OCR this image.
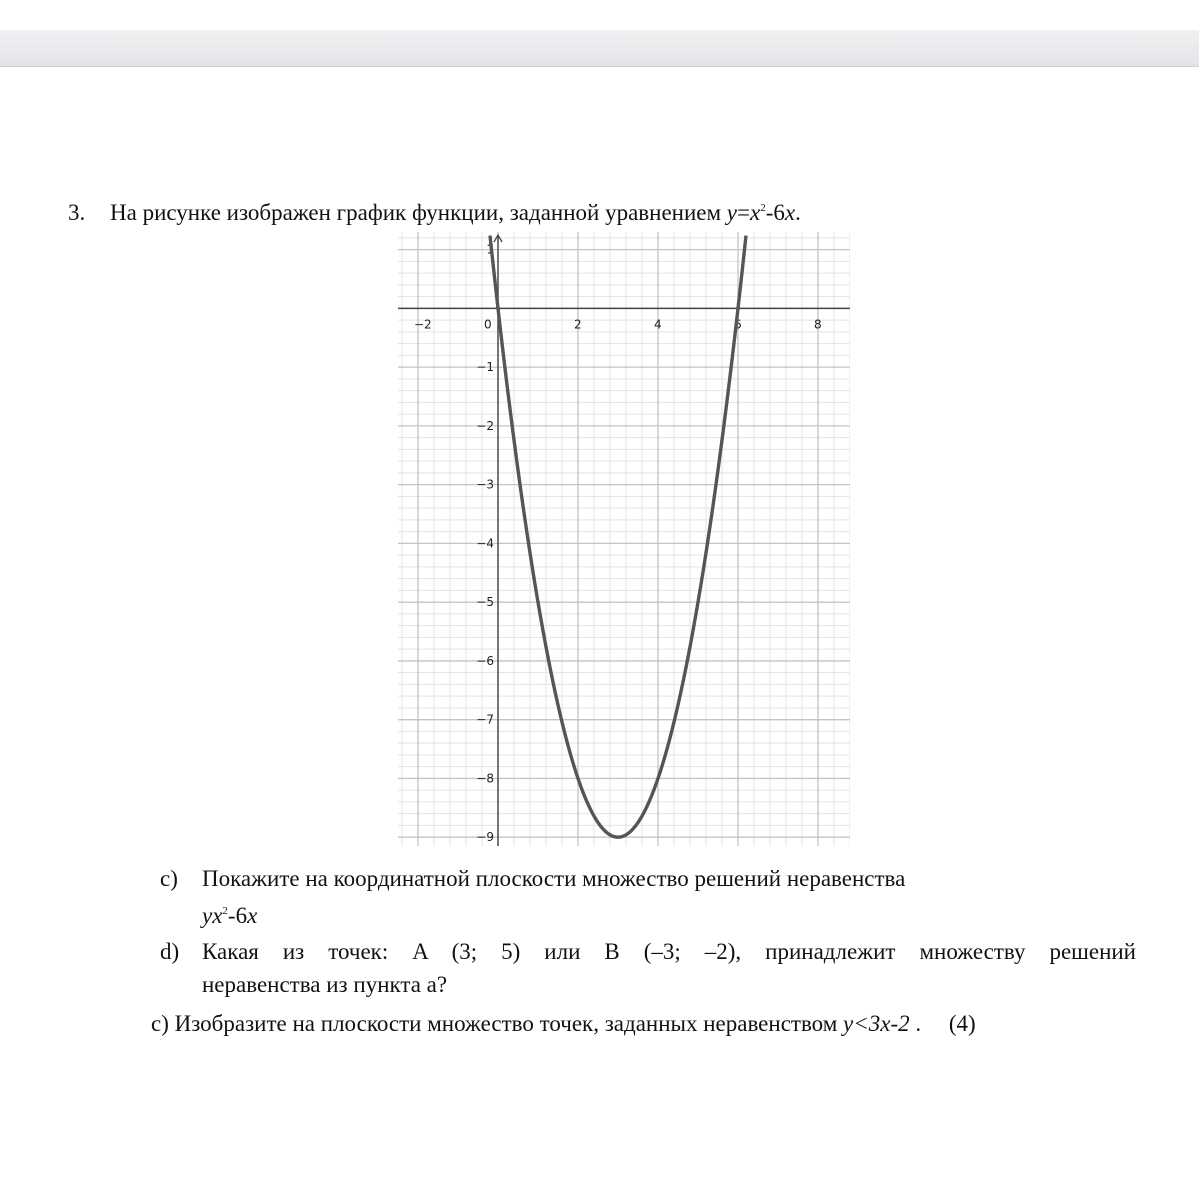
3. На рисунке изображен график функции, заданной уравнением $y=x^2-6x$.
−2	0	2	4	6	8
1
−1
−2
−3
−4
−5
−6
−7
−8
−9
c) Покажите на координатной плоскости множество решений неравенства
$yx^2-6x$
d) Какая из точек: A (3; 5) или B (–3; –2), принадлежит множеству решений
неравенства из пункта a?
c) Изобразите на плоскости множество точек, заданных неравенством y<3x-2 . (4)
